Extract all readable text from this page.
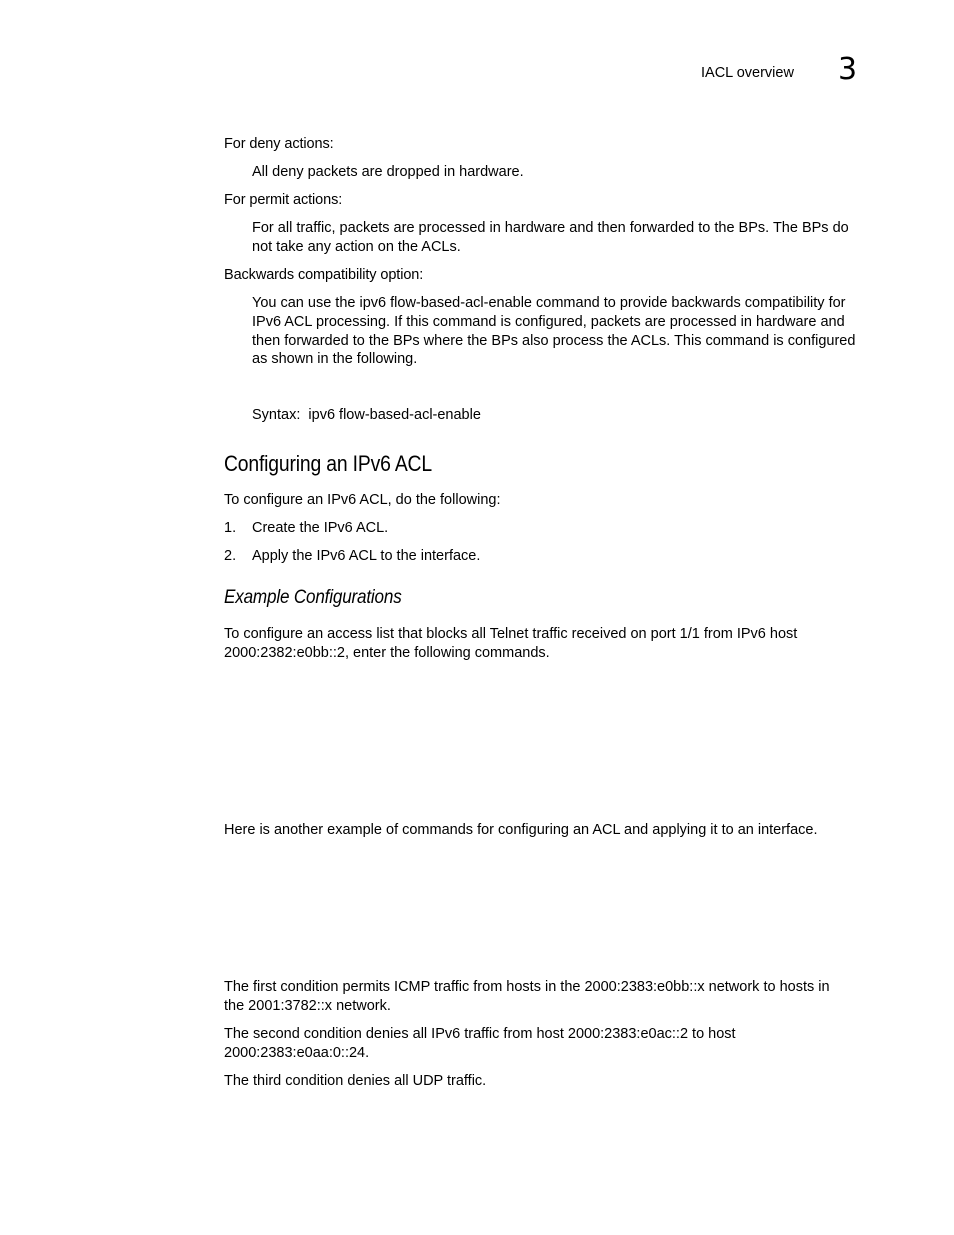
IACL overview 3
For deny actions:
All deny packets are dropped in hardware.
For permit actions:
For all traffic, packets are processed in hardware and then forwarded to the BPs. The BPs do
not take any action on the ACLs.
Backwards compatibility option:
You can use the ipv6 flow-based-acl-enable command to provide backwards compatibility for
IPv6 ACL processing. If this command is configured, packets are processed in hardware and
then forwarded to the BPs where the BPs also process the ACLs. This command is configured
as shown in the following.
Syntax: ipv6 flow-based-acl-enable
Configuring an IPv6 ACL
To configure an IPv6 ACL, do the following:
1. Create the IPv6 ACL.
2. Apply the IPv6 ACL to the interface.
Example Configurations
To configure an access list that blocks all Telnet traffic received on port 1/1 from IPv6 host
2000:2382:e0bb::2, enter the following commands.
Here is another example of commands for configuring an ACL and applying it to an interface.
The first condition permits ICMP traffic from hosts in the 2000:2383:e0bb::x network to hosts in
the 2001:3782::x network.
The second condition denies all IPv6 traffic from host 2000:2383:e0ac::2 to host
2000:2383:e0aa:0::24.
The third condition denies all UDP traffic.
